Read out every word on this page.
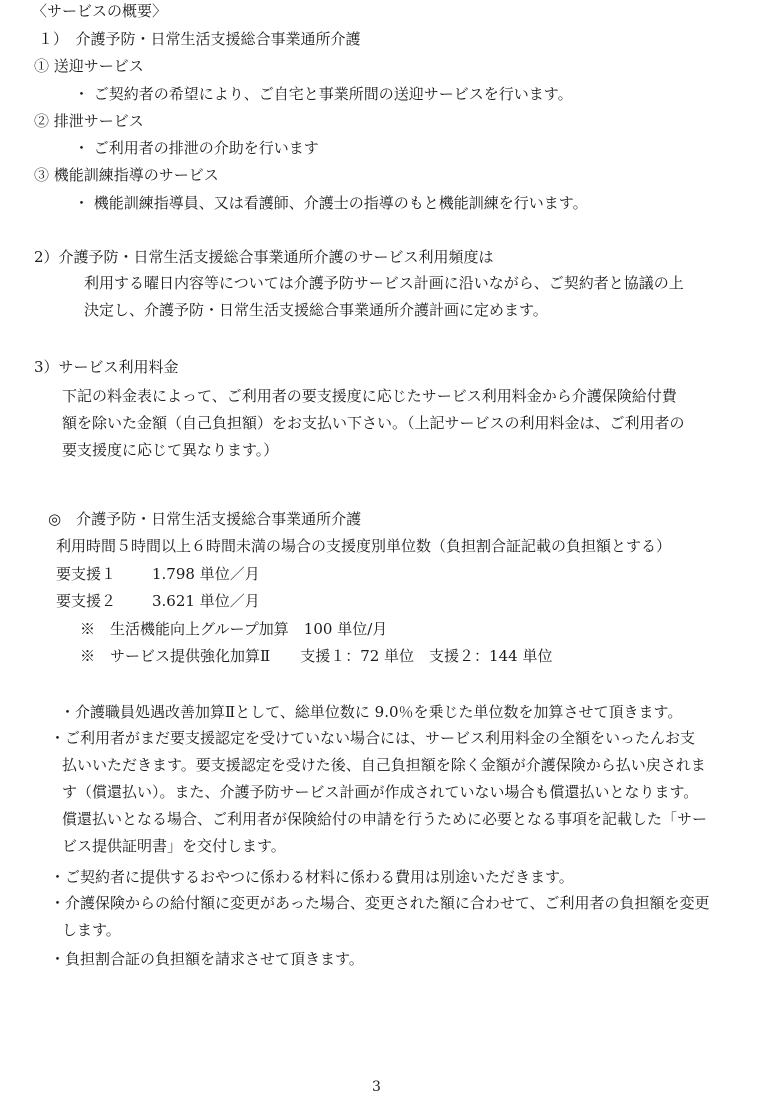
〈サービスの概要〉
１）　介護予防・日常生活支援総合事業通所介護
① 送迎サービス
・ ご契約者の希望により、ご自宅と事業所間の送迎サービスを行います。
② 排泄サービス
・ ご利用者の排泄の介助を行います
③ 機能訓練指導のサービス
・ 機能訓練指導員、又は看護師、介護士の指導のもと機能訓練を行います。
2）介護予防・日常生活支援総合事業通所介護のサービス利用頻度は
利用する曜日内容等については介護予防サービス計画に沿いながら、ご契約者と協議の上
決定し、介護予防・日常生活支援総合事業通所介護計画に定めます。
3）サービス利用料金
下記の料金表によって、ご利用者の要支援度に応じたサービス利用料金から介護保険給付費
額を除いた金額（自己負担額）をお支払い下さい。（上記サービスの利用料金は、ご利用者の
要支援度に応じて異なります。）
◎　介護予防・日常生活支援総合事業通所介護
利用時間５時間以上６時間未満の場合の支援度別単位数（負担割合証記載の負担額とする）
要支援１ 1.798 単位／月
要支援２ 3.621 単位／月
※　生活機能向上グループ加算　100 単位/月
※　サービス提供強化加算Ⅱ　　支援１：72 単位　支援２：144 単位
・介護職員処遇改善加算Ⅱとして、総単位数に 9.0％を乗じた単位数を加算させて頂きます。
・ご利用者がまだ要支援認定を受けていない場合には、サービス利用料金の全額をいったんお支
払いいただきます。要支援認定を受けた後、自己負担額を除く金額が介護保険から払い戻されま
す（償還払い）。また、介護予防サービス計画が作成されていない場合も償還払いとなります。
償還払いとなる場合、ご利用者が保険給付の申請を行うために必要となる事項を記載した「サー
ビス提供証明書」を交付します。
・ご契約者に提供するおやつに係わる材料に係わる費用は別途いただきます。
・介護保険からの給付額に変更があった場合、変更された額に合わせて、ご利用者の負担額を変更
します。
・負担割合証の負担額を請求させて頂きます。
3
